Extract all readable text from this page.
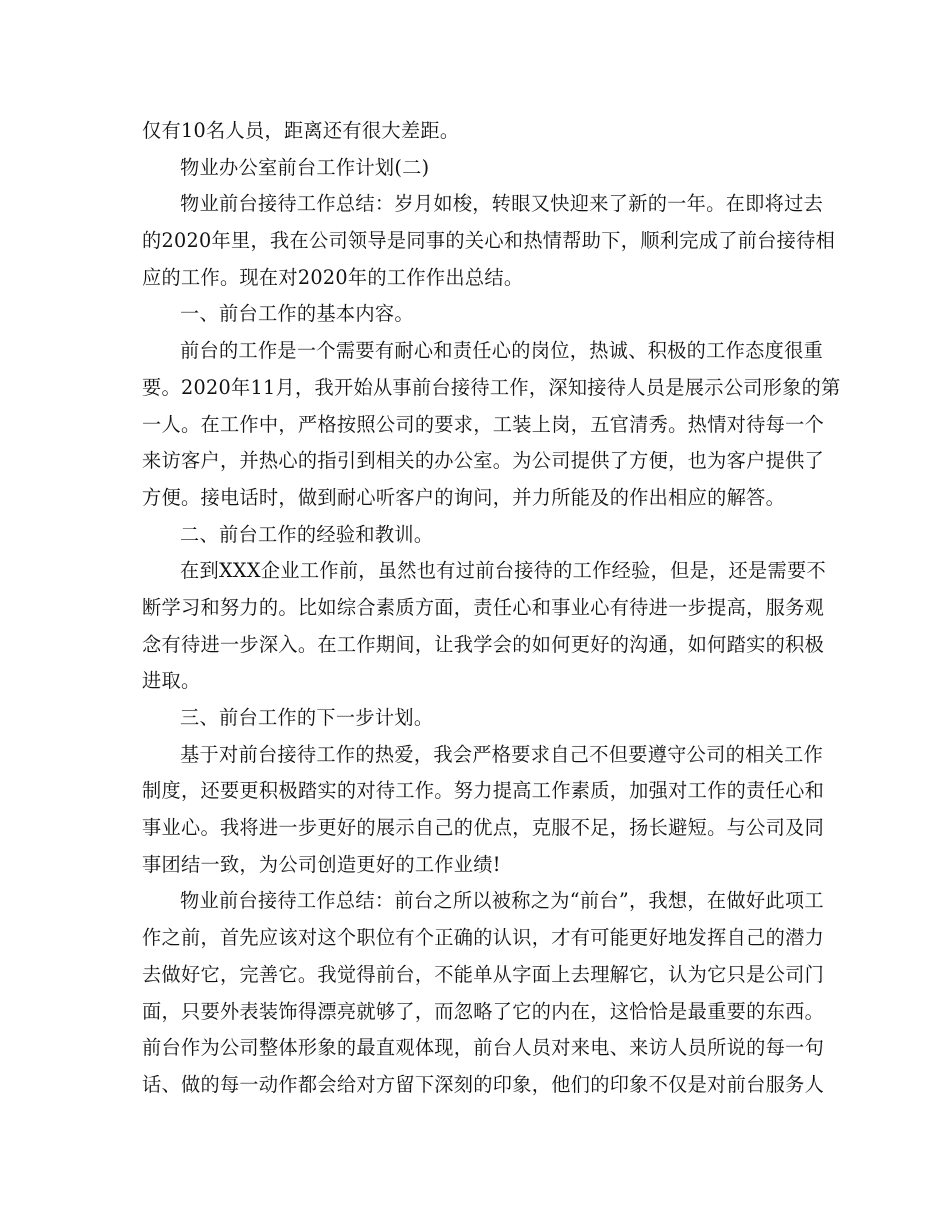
仅有10名人员，距离还有很大差距。
物业办公室前台工作计划(二)
物业前台接待工作总结：岁月如梭，转眼又快迎来了新的一年。在即将过去
的2020年里，我在公司领导是同事的关心和热情帮助下，顺利完成了前台接待相
应的工作。现在对2020年的工作作出总结。
一、前台工作的基本内容。
前台的工作是一个需要有耐心和责任心的岗位，热诚、积极的工作态度很重
要。2020年11月，我开始从事前台接待工作，深知接待人员是展示公司形象的第
一人。在工作中，严格按照公司的要求，工装上岗，五官清秀。热情对待每一个
来访客户，并热心的指引到相关的办公室。为公司提供了方便，也为客户提供了
方便。接电话时，做到耐心听客户的询问，并力所能及的作出相应的解答。
二、前台工作的经验和教训。
在到XXX企业工作前，虽然也有过前台接待的工作经验，但是，还是需要不
断学习和努力的。比如综合素质方面，责任心和事业心有待进一步提高，服务观
念有待进一步深入。在工作期间，让我学会的如何更好的沟通，如何踏实的积极
进取。
三、前台工作的下一步计划。
基于对前台接待工作的热爱，我会严格要求自己不但要遵守公司的相关工作
制度，还要更积极踏实的对待工作。努力提高工作素质，加强对工作的责任心和
事业心。我将进一步更好的展示自己的优点，克服不足，扬长避短。与公司及同
事团结一致，为公司创造更好的工作业绩!
物业前台接待工作总结：前台之所以被称之为“前台”，我想，在做好此项工
作之前，首先应该对这个职位有个正确的认识，才有可能更好地发挥自己的潜力
去做好它，完善它。我觉得前台，不能单从字面上去理解它，认为它只是公司门
面，只要外表装饰得漂亮就够了，而忽略了它的内在，这恰恰是最重要的东西。
前台作为公司整体形象的最直观体现，前台人员对来电、来访人员所说的每一句
话、做的每一动作都会给对方留下深刻的印象，他们的印象不仅是对前台服务人
